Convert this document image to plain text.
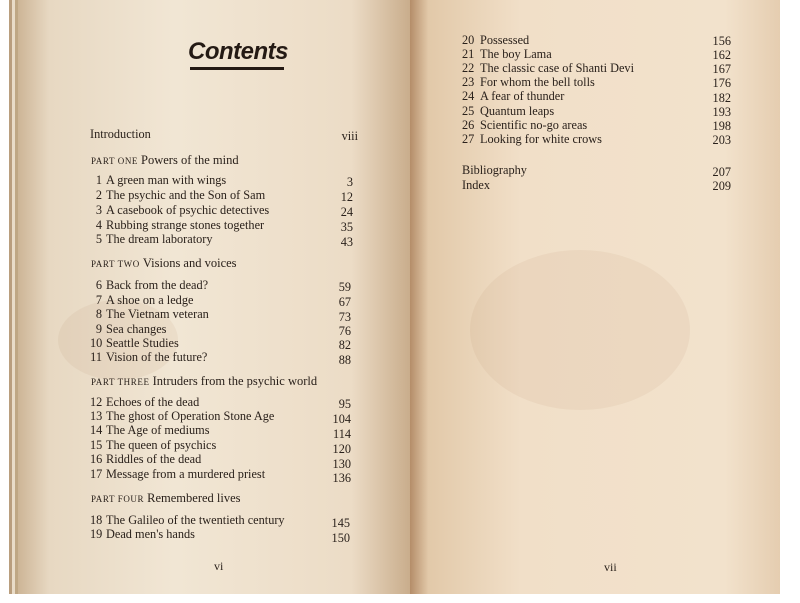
Contents
Introduction	viii
PART ONE Powers of the mind
1 A green man with wings	3
2 The psychic and the Son of Sam	12
3 A casebook of psychic detectives	24
4 Rubbing strange stones together	35
5 The dream laboratory	43
PART TWO Visions and voices
6 Back from the dead?	59
7 A shoe on a ledge	67
8 The Vietnam veteran	73
9 Sea changes	76
10 Seattle Studies	82
11 Vision of the future?	88
PART THREE Intruders from the psychic world
12 Echoes of the dead	95
13 The ghost of Operation Stone Age	104
14 The Age of mediums	114
15 The queen of psychics	120
16 Riddles of the dead	130
17 Message from a murdered priest	136
PART FOUR Remembered lives
18 The Galileo of the twentieth century	145
19 Dead men's hands	150
vi
20 Possessed	156
21 The boy Lama	162
22 The classic case of Shanti Devi	167
23 For whom the bell tolls	176
24 A fear of thunder	182
25 Quantum leaps	193
26 Scientific no-go areas	198
27 Looking for white crows	203
Bibliography	207
Index	209
vii
